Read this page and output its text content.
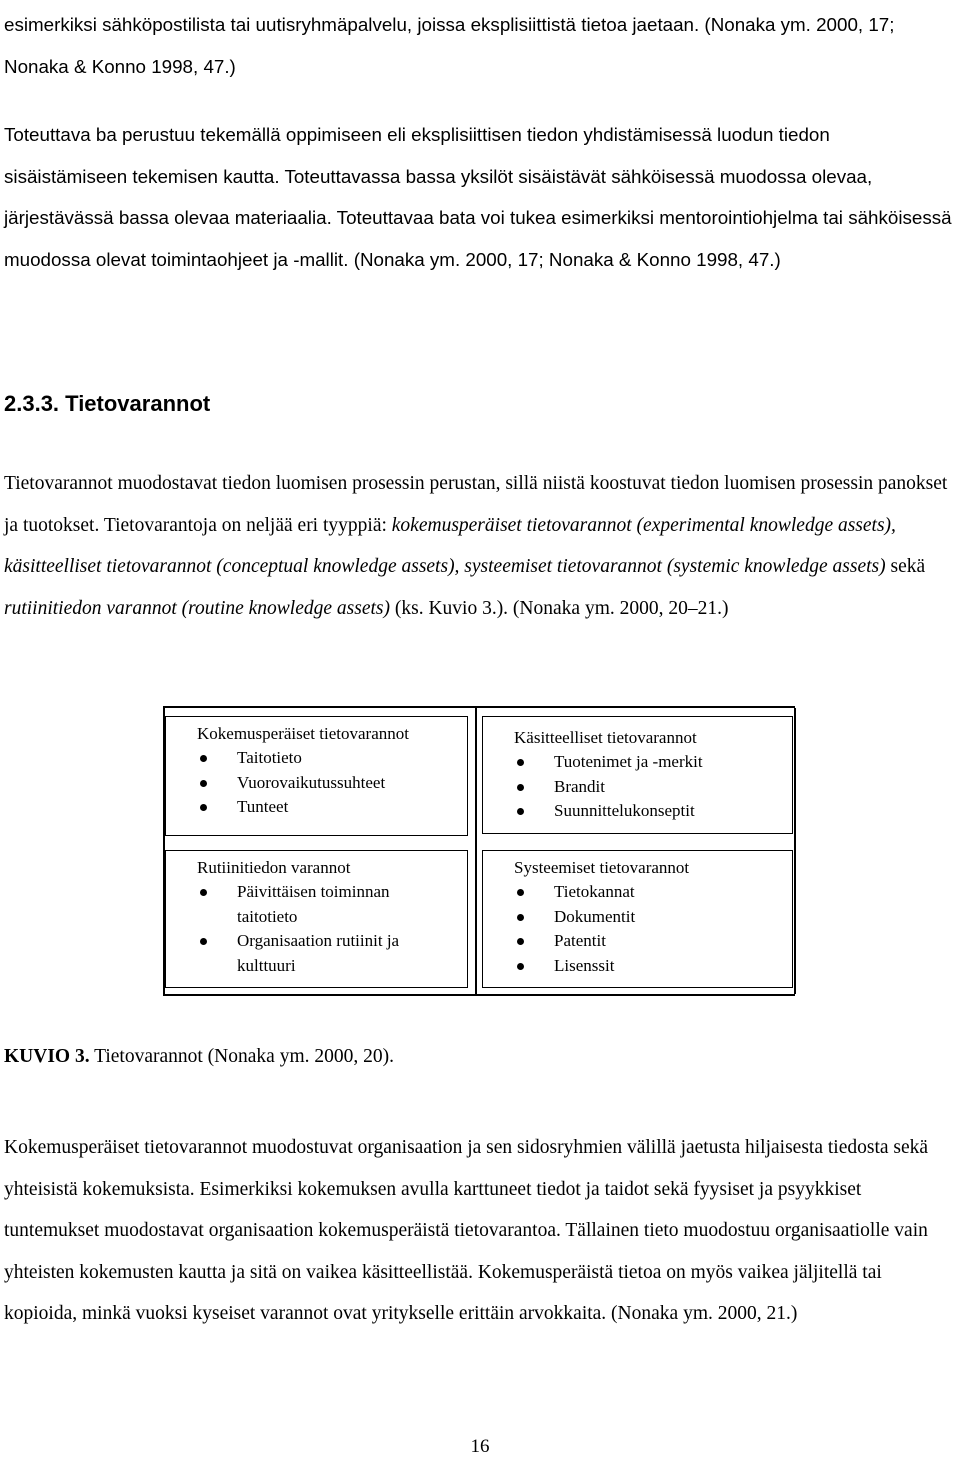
esimerkiksi sähköpostilista tai uutisryhmäpalvelu, joissa eksplisiittistä tietoa jaetaan. (Nonaka ym. 2000, 17; Nonaka & Konno 1998, 47.)

Toteuttava ba perustuu tekemällä oppimiseen eli eksplisiittisen tiedon yhdistämisessä luodun tiedon sisäistämiseen tekemisen kautta. Toteuttavassa bassa yksilöt sisäistävät sähköisessä muodossa olevaa, järjestävässä bassa olevaa materiaalia. Toteuttavaa bata voi tukea esimerkiksi mentorointiohjelma tai sähköisessä muodossa olevat toimintaohjeet ja -mallit. (Nonaka ym. 2000, 17; Nonaka & Konno 1998, 47.)

2.3.3. Tietovarannot

Tietovarannot muodostavat tiedon luomisen prosessin perustan, sillä niistä koostuvat tiedon luomisen prosessin panokset ja tuotokset. Tietovarantoja on neljää eri tyyppiä: kokemusperäiset tietovarannot (experimental knowledge assets), käsitteelliset tietovarannot (conceptual knowledge assets), systeemiset tietovarannot (systemic knowledge assets) sekä rutiinitiedon varannot (routine knowledge assets) (ks. Kuvio 3.). (Nonaka ym. 2000, 20–21.)

Kokemusperäiset tietovarannot
Taitotieto
Vuorovaikutussuhteet
Tunteet
Käsitteelliset tietovarannot
Tuotenimet ja -merkit
Brandit
Suunnittelukonseptit
Rutiinitiedon varannot
Päivittäisen toiminnan taitotieto
Organisaation rutiinit ja kulttuuri
Systeemiset tietovarannot
Tietokannat
Dokumentit
Patentit
Lisenssit

KUVIO 3. Tietovarannot (Nonaka ym. 2000, 20).

Kokemusperäiset tietovarannot muodostuvat organisaation ja sen sidosryhmien välillä jaetusta hiljaisesta tiedosta sekä yhteisistä kokemuksista. Esimerkiksi kokemuksen avulla karttuneet tiedot ja taidot sekä fyysiset ja psyykkiset tuntemukset muodostavat organisaation kokemusperäistä tietovarantoa. Tällainen tieto muodostuu organisaatiolle vain yhteisten kokemusten kautta ja sitä on vaikea käsitteellistää. Kokemusperäistä tietoa on myös vaikea jäljitellä tai kopioida, minkä vuoksi kyseiset varannot ovat yritykselle erittäin arvokkaita. (Nonaka ym. 2000, 21.)

16
